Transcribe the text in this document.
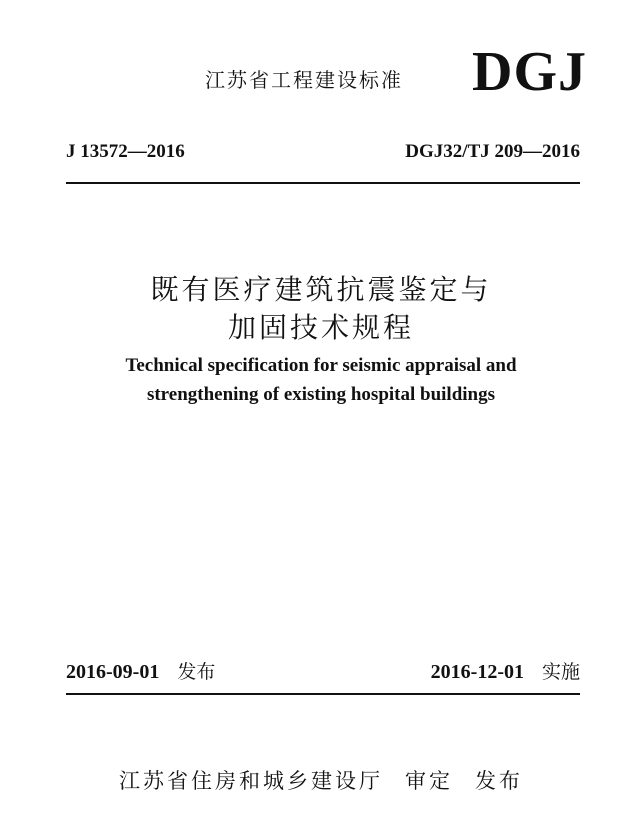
江苏省工程建设标准	DGJ
J 13572—2016	DGJ32/TJ 209—2016
既有医疗建筑抗震鉴定与
加固技术规程
Technical specification for seismic appraisal and
strengthening of existing hospital buildings
2016-09-01 发布	2016-12-01 实施
江苏省住房和城乡建设厅 审定 发布
